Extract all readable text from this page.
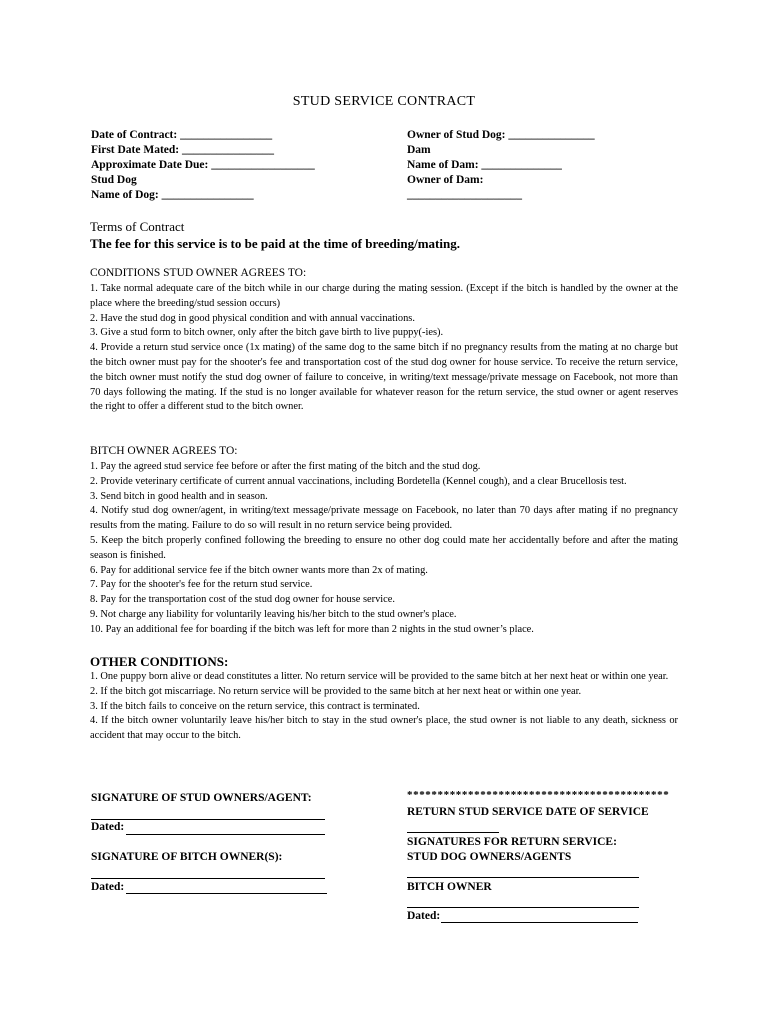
STUD SERVICE CONTRACT
Date of Contract: ________________
First Date Mated: ________________
Approximate Date Due: __________________
Stud Dog
Name of Dog: ________________
Owner of Stud Dog: _______________
Dam
Name of Dam: ______________
Owner of Dam:
____________________
Terms of Contract
The fee for this service is to be paid at the time of breeding/mating.
CONDITIONS STUD OWNER AGREES TO:

1. Take normal adequate care of the bitch while in our charge during the mating session. (Except if the bitch is handled by the owner at the place where the breeding/stud session occurs)

2. Have the stud dog in good physical condition and with annual vaccinations.

3. Give a stud form to bitch owner, only after the bitch gave birth to live puppy(-ies).

4. Provide a return stud service once (1x mating) of the same dog to the same bitch if no pregnancy results from the mating at no charge but the bitch owner must pay for the shooter's fee and transportation cost of the stud dog owner for house service. To receive the return service, the bitch owner must notify the stud dog owner of failure to conceive, in writing/text message/private message on Facebook, not more than 70 days following the mating. If the stud is no longer available for whatever reason for the return service, the stud owner or agent reserves the right to offer a different stud to the bitch owner.

BITCH OWNER AGREES TO:

1. Pay the agreed stud service fee before or after the first mating of the bitch and the stud dog.

2. Provide veterinary certificate of current annual vaccinations, including Bordetella (Kennel cough), and a clear Brucellosis test.

3. Send bitch in good health and in season.

4. Notify stud dog owner/agent, in writing/text message/private message on Facebook, no later than 70 days after mating if no pregnancy results from the mating. Failure to do so will result in no return service being provided.

5. Keep the bitch properly confined following the breeding to ensure no other dog could mate her accidentally before and after the mating season is finished.

6. Pay for additional service fee if the bitch owner wants more than 2x of mating.

7. Pay for the shooter's fee for the return stud service.

8. Pay for the transportation cost of the stud dog owner for house service.

9. Not charge any liability for voluntarily leaving his/her bitch to the stud owner's place.

10. Pay an additional fee for boarding if the bitch was left for more than 2 nights in the stud owner’s place.

OTHER CONDITIONS:

1. One puppy born alive or dead constitutes a litter. No return service will be provided to the same bitch at her next heat or within one year.

2. If the bitch got miscarriage. No return service will be provided to the same bitch at her next heat or within one year.

3. If the bitch fails to conceive on the return service, this contract is terminated.

4. If the bitch owner voluntarily leave his/her bitch to stay in the stud owner's place, the stud owner is not liable to any death, sickness or accident that may occur to the bitch.

SIGNATURE OF STUD OWNERS/AGENT:
Dated:
SIGNATURE OF BITCH OWNER(S):
Dated:
*******************************************
RETURN STUD SERVICE DATE OF SERVICE
SIGNATURES FOR RETURN SERVICE:
STUD DOG OWNERS/AGENTS
BITCH OWNER
Dated:
